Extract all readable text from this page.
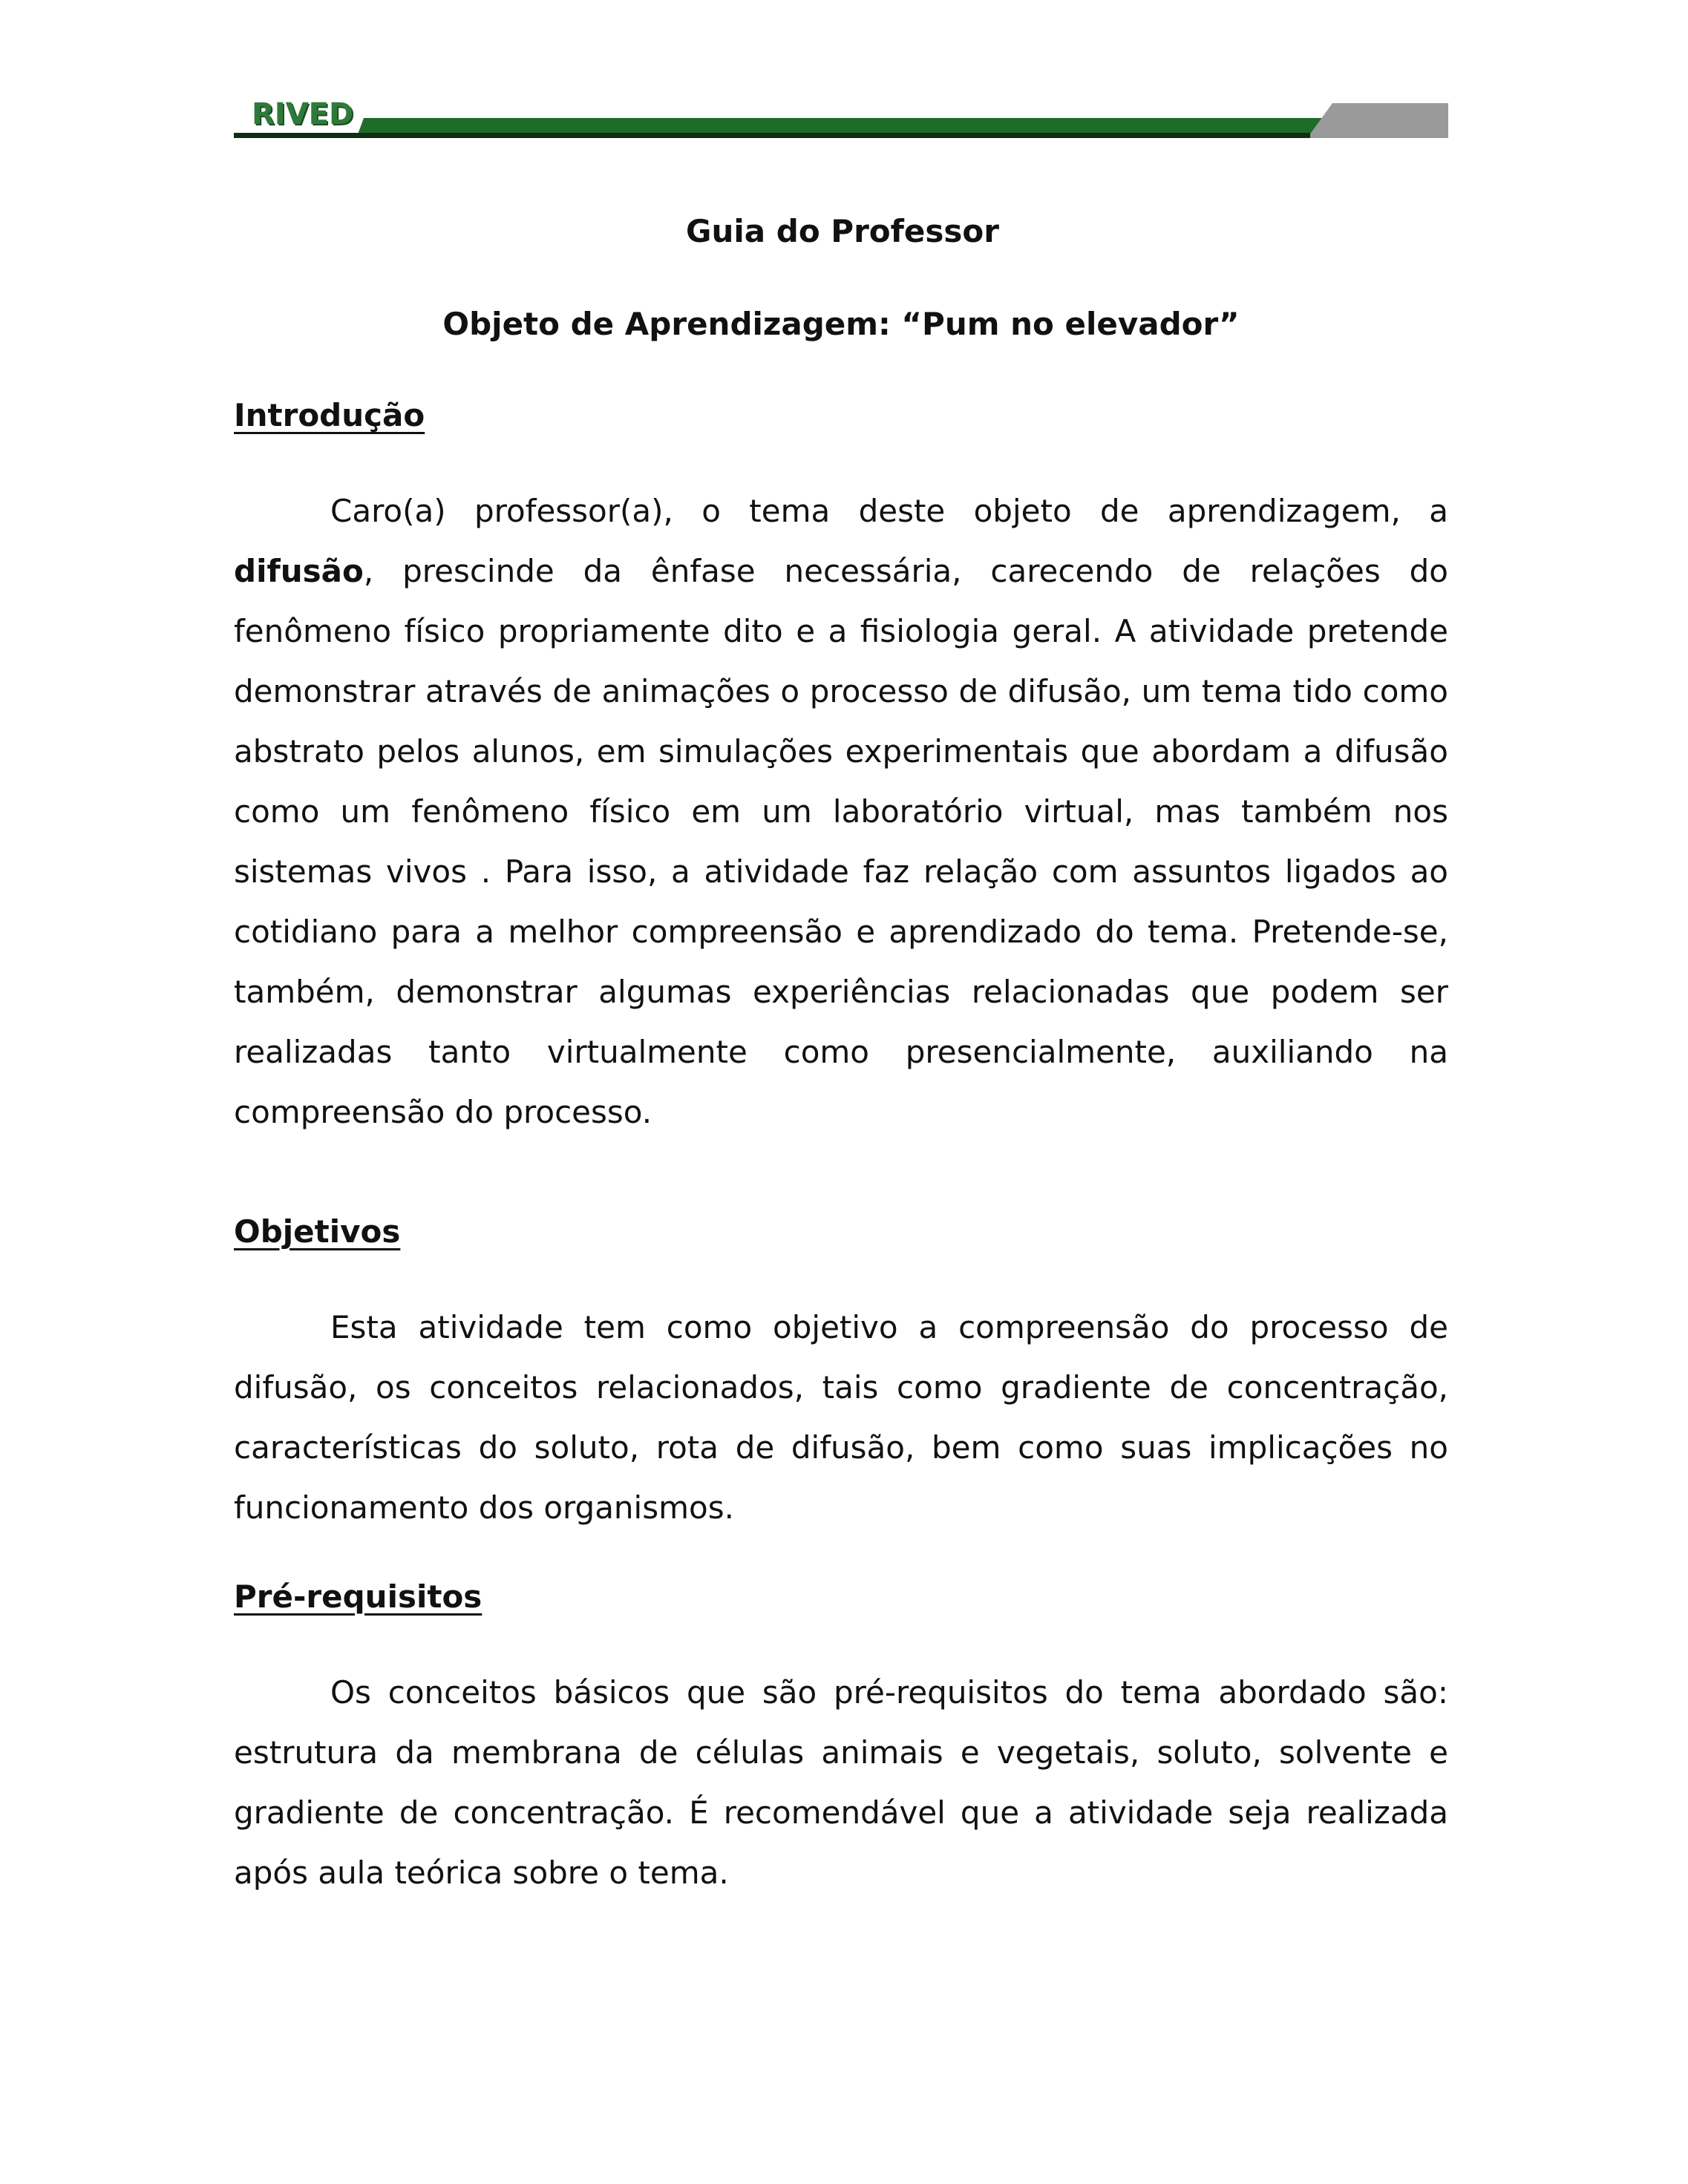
RIVED
Guia do Professor
Objeto de Aprendizagem: “Pum no elevador”
Introdução

Caro(a) professor(a), o tema deste objeto de aprendizagem, a difusão, prescinde da ênfase necessária, carecendo de relações do fenômeno físico propriamente dito e a fisiologia geral. A atividade pretende demonstrar através de animações o processo de difusão, um tema tido como abstrato pelos alunos, em simulações experimentais que abordam a difusão como um fenômeno físico em um laboratório virtual, mas também nos sistemas vivos . Para isso, a atividade faz relação com assuntos ligados ao cotidiano para a melhor compreensão e aprendizado do tema. Pretende-se, também, demonstrar algumas experiências relacionadas que podem ser realizadas tanto virtualmente como presencialmente, auxiliando na compreensão do processo.

Objetivos

Esta atividade tem como objetivo a compreensão do processo de difusão, os conceitos relacionados, tais como gradiente de concentração, características do soluto, rota de difusão, bem como suas implicações no funcionamento dos organismos.

Pré-requisitos

Os conceitos básicos que são pré-requisitos do tema abordado são: estrutura da membrana de células animais e vegetais, soluto, solvente e gradiente de concentração. É recomendável que a atividade seja realizada após aula teórica sobre o tema.
